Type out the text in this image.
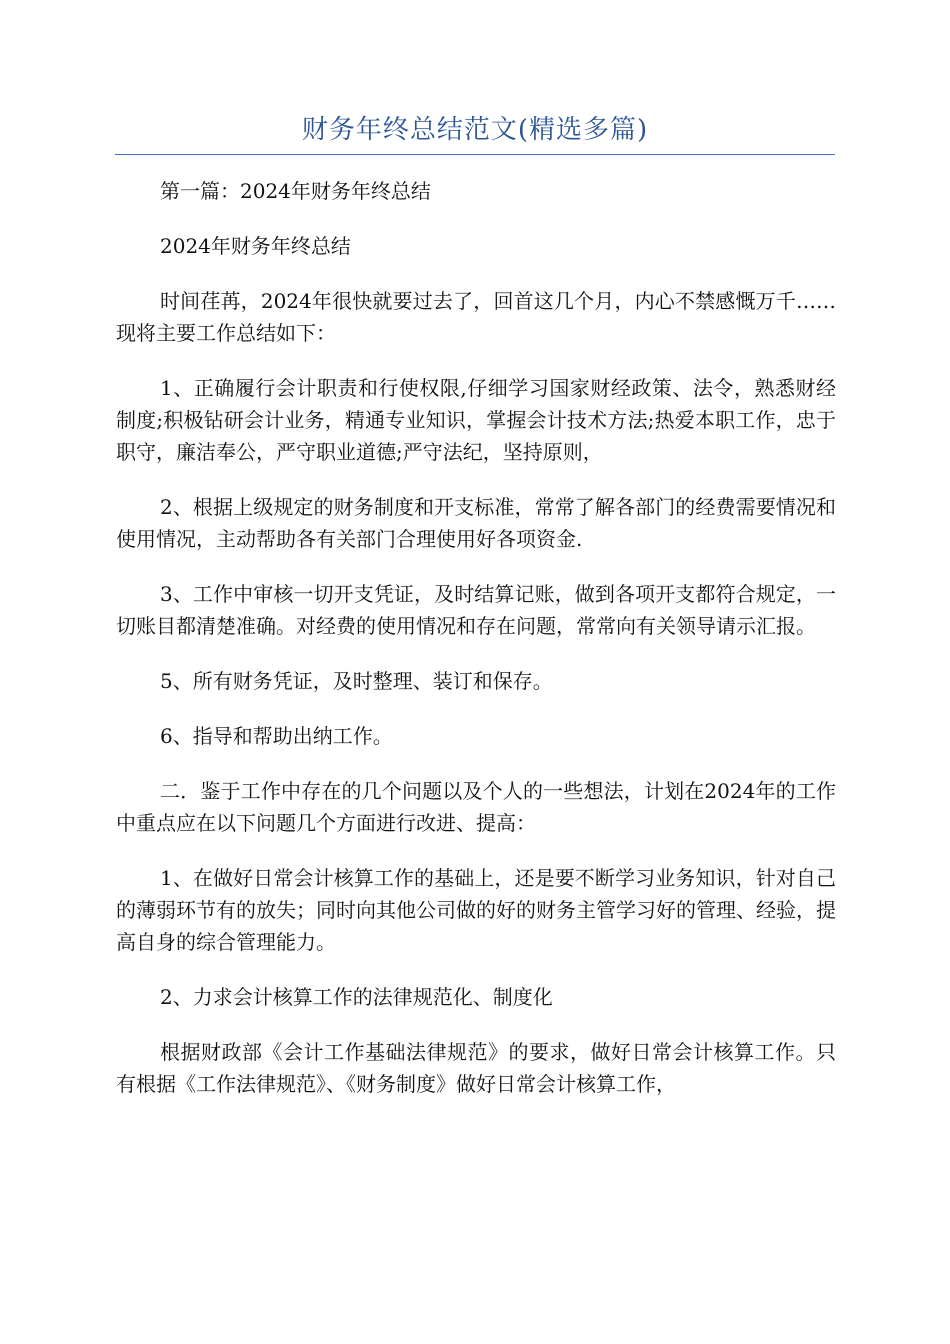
财务年终总结范文(精选多篇)

第一篇：2024年财务年终总结

2024年财务年终总结

时间荏苒，2024年很快就要过去了，回首这几个月，内心不禁感慨万千……现将主要工作总结如下：

1、正确履行会计职责和行使权限,仔细学习国家财经政策、法令，熟悉财经制度;积极钻研会计业务，精通专业知识，掌握会计技术方法;热爱本职工作，忠于职守，廉洁奉公，严守职业道德;严守法纪，坚持原则，

2、根据上级规定的财务制度和开支标准，常常了解各部门的经费需要情况和使用情况，主动帮助各有关部门合理使用好各项资金.

3、工作中审核一切开支凭证，及时结算记账，做到各项开支都符合规定，一切账目都清楚准确。对经费的使用情况和存在问题，常常向有关领导请示汇报。

5、所有财务凭证，及时整理、装订和保存。

6、指导和帮助出纳工作。

二．鉴于工作中存在的几个问题以及个人的一些想法，计划在2024年的工作中重点应在以下问题几个方面进行改进、提高：

1、在做好日常会计核算工作的基础上，还是要不断学习业务知识，针对自己的薄弱环节有的放失；同时向其他公司做的好的财务主管学习好的管理、经验，提高自身的综合管理能力。

2、力求会计核算工作的法律规范化、制度化

根据财政部《会计工作基础法律规范》的要求，做好日常会计核算工作。只有根据《工作法律规范》、《财务制度》做好日常会计核算工作，
